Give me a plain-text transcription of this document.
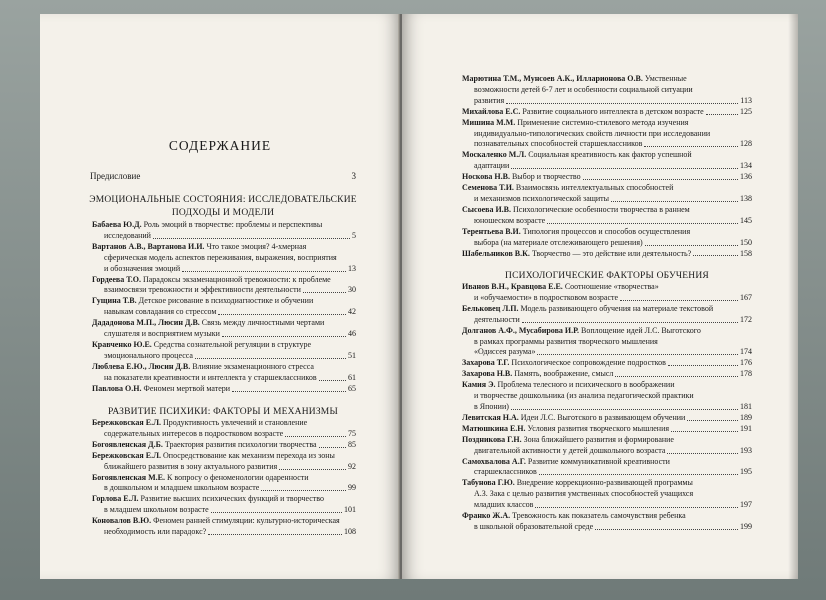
СОДЕРЖАНИЕ
Предисловие	3
ЭМОЦИОНАЛЬНЫЕ СОСТОЯНИЯ: ИССЛЕДОВАТЕЛЬСКИЕ ПОДХОДЫ И МОДЕЛИ
Бабаева Ю.Д. Роль эмоций в творчестве: проблемы и перспективы
исследований	5
Вартанов А.В., Вартанова И.И. Что такое эмоция? 4-хмерная
сферическая модель аспектов переживания, выражения, восприятия
и обозначения эмоций	13
Гордеева Т.О. Парадоксы экзаменационной тревожности: к проблеме
взаимосвязи тревожности и эффективности деятельности	30
Гущина Т.В. Детское рисование в психодиагностике и обучении
навыкам совладания со стрессом	42
Дададонова М.П., Люсин Д.В. Связь между личностными чертами
слушателя и восприятием музыки	46
Кравченко Ю.Е. Средства сознательной регуляции в структуре
эмоционального процесса	51
Люблева Е.Ю., Люсин Д.В. Влияние экзаменационного стресса
на показатели креативности и интеллекта у старшеклассников	61
Павлова О.Н. Феномен мертвой матери	65
РАЗВИТИЕ ПСИХИКИ: ФАКТОРЫ И МЕХАНИЗМЫ
Бережковская Е.Л. Продуктивность увлечений и становление
содержательных интересов в подростковом возрасте	75
Богоявленская Д.Б. Траектория развития психологии творчества	85
Бережковская Е.Л. Опосредствование как механизм перехода из зоны
ближайшего развития в зону актуального развития	92
Богоявленская М.Е. К вопросу о феноменологии одаренности
в дошкольном и младшем школьном возрасте	99
Горлова Е.Л. Развитие высших психических функций и творчество
в младшем школьном возрасте	101
Коновалов В.Ю. Феномен ранней стимуляции: культурно-историческая
необходимость или парадокс?	108
Марютина Т.М., Мунсоев А.К., Илларионова О.В. Умственные
возможности детей 6-7 лет и особенности социальной ситуации
развития	113
Михайлова Е.С. Развитие социального интеллекта в детском возрасте	125
Мишина М.М. Применение системно-стилевого метода изучения
индивидуально-типологических свойств личности при исследовании
познавательных способностей старшеклассников	128
Москаленко М.Л. Социальная креативность как фактор успешной
адаптации	134
Носкова Н.В. Выбор и творчество	136
Семенова Т.И. Взаимосвязь интеллектуальных способностей
и механизмов психологической защиты	138
Сысоева И.В. Психологические особенности творчества в раннем
юношеском возрасте	145
Терентьева В.И. Типология процессов и способов осуществления
выбора (на материале отслеживающего решения)	150
Шабельников В.К. Творчество — это действие или деятельность?	158
ПСИХОЛОГИЧЕСКИЕ ФАКТОРЫ ОБУЧЕНИЯ
Иванов В.Н., Кравцова Е.Е. Соотношение «творчества»
и «обучаемости» в подростковом возрасте	167
Бельковец Л.П. Модель развивающего обучения на материале текстовой
деятельности	172
Долганов А.Ф., Мусабирова И.Р. Воплощение идей Л.С. Выготского
в рамках программы развития творческого мышления
«Одиссея разума»	174
Захарова Т.Г. Психологическое сопровождение подростков	176
Захарова Н.В. Память, воображение, смысл	178
Камия Э. Проблема телесного и психического в воображении
и творчестве дошкольника (из анализа педагогической практики
в Японии)	181
Левитская Н.А. Идеи Л.С. Выготского в развивающем обучении	189
Матюшкина Е.Н. Условия развития творческого мышления	191
Поздникова Г.Н. Зона ближайшего развития и формирование
двигательной активности у детей дошкольного возраста	193
Самохвалова А.Г. Развитие коммуникативной креативности
старшеклассников	195
Табунова Г.Ю. Внедрение коррекционно-развивающей программы
А.З. Зака с целью развития умственных способностей учащихся
младших классов	197
Франко Ж.А. Тревожность как показатель самочувствия ребенка
в школьной образовательной среде	199
